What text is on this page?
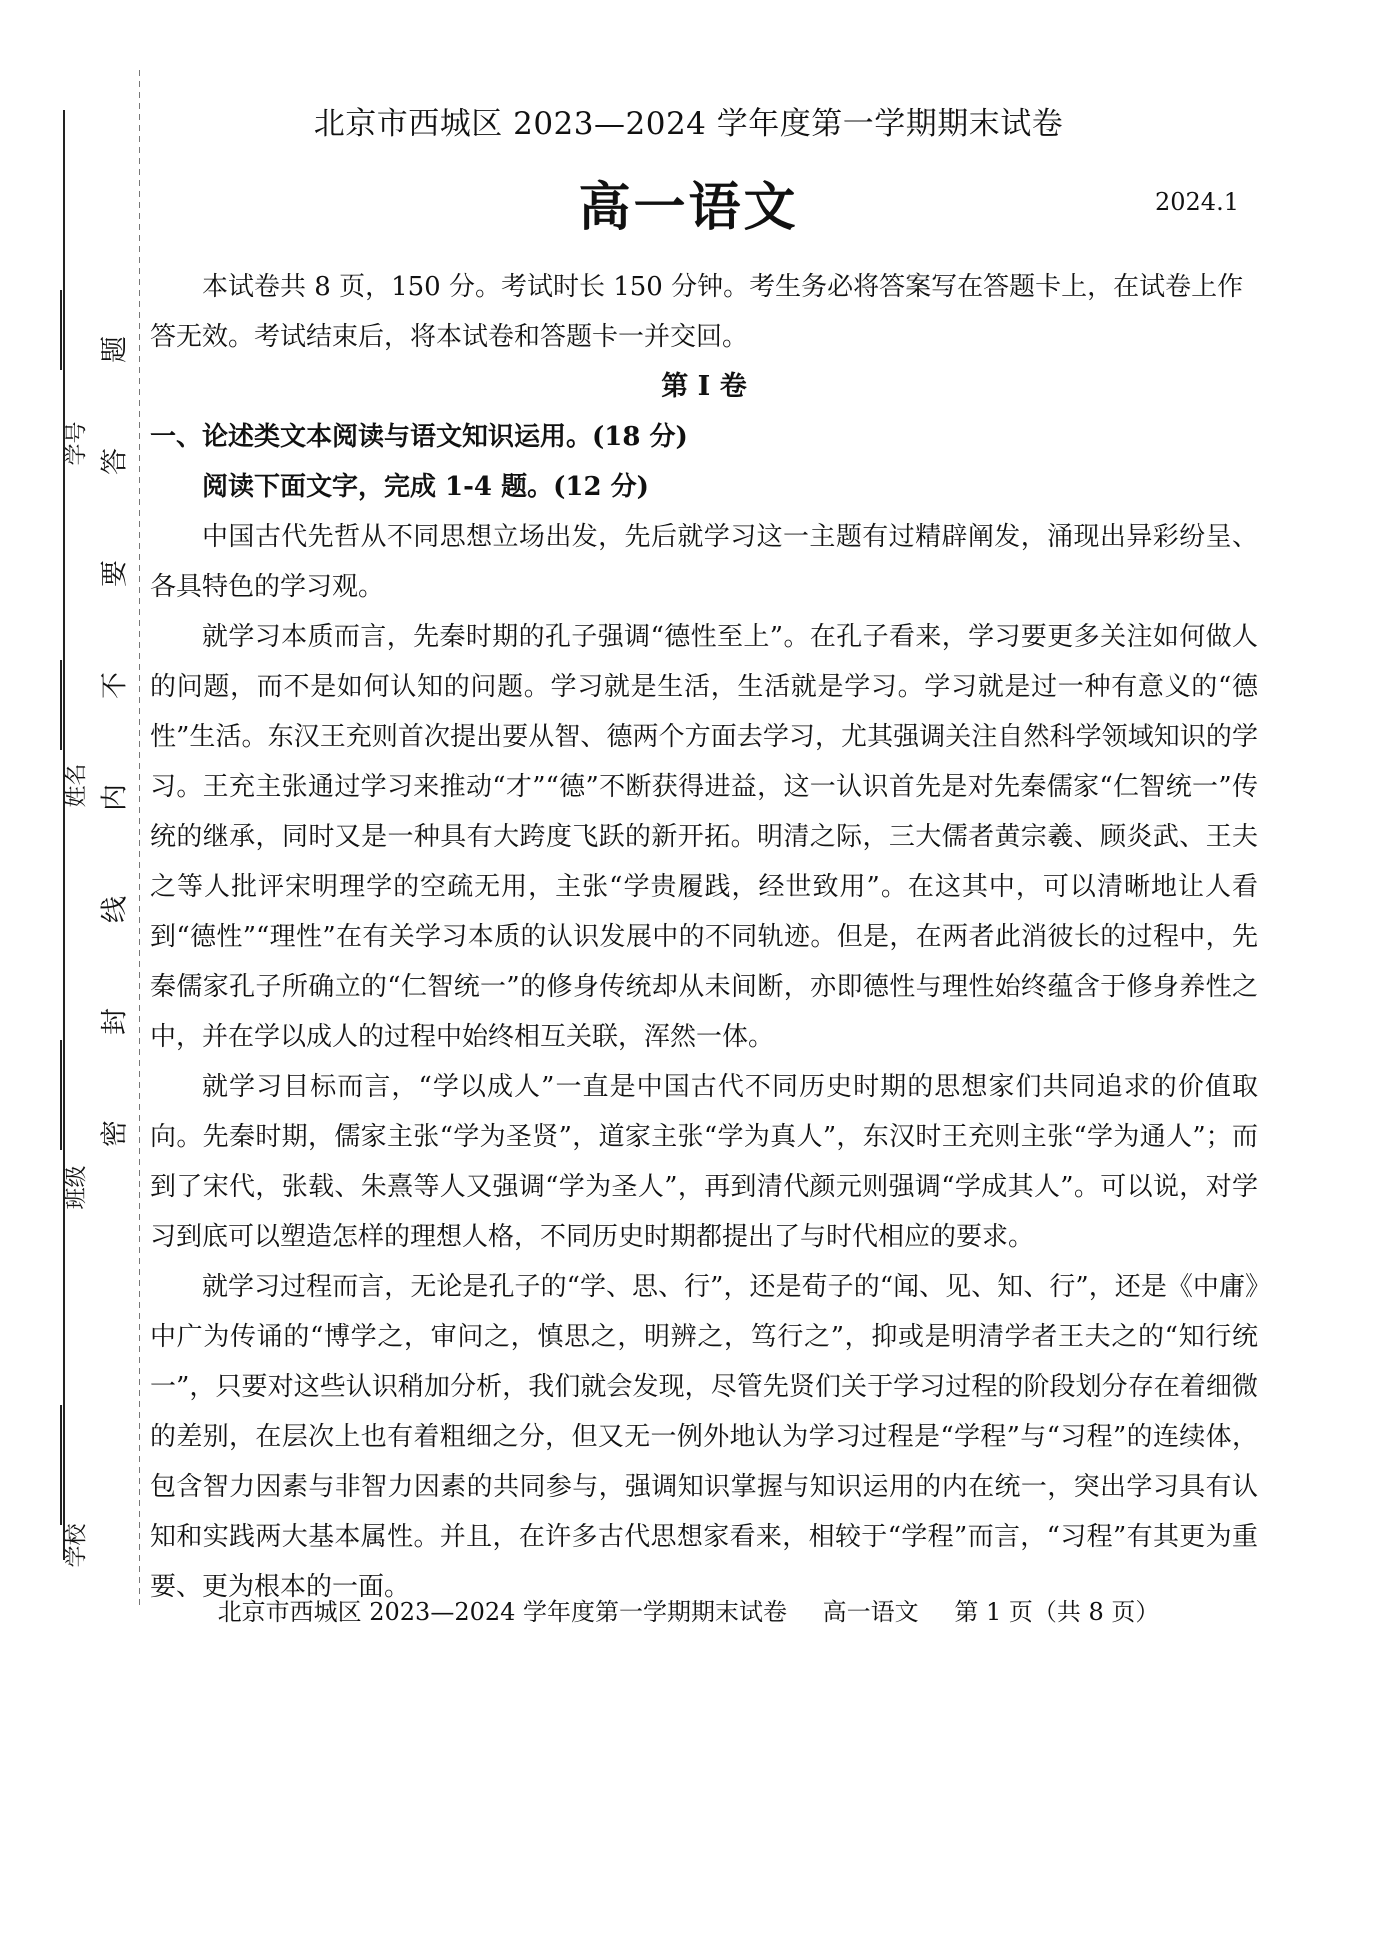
题
答
要
不
内
线
封
密
学号
姓名
班级
学校
北京市西城区 2023—2024 学年度第一学期期末试卷
高一语文	2024.1

本试卷共 8 页，150 分。考试时长 150 分钟。考生务必将答案写在答题卡上，在试卷上作答无效。考试结束后，将本试卷和答题卡一并交回。

第 I 卷

一、论述类文本阅读与语文知识运用。(18 分)

阅读下面文字，完成 1-4 题。(12 分)

中国古代先哲从不同思想立场出发，先后就学习这一主题有过精辟阐发，涌现出异彩纷呈、各具特色的学习观。

就学习本质而言，先秦时期的孔子强调“德性至上”。在孔子看来，学习要更多关注如何做人的问题，而不是如何认知的问题。学习就是生活，生活就是学习。学习就是过一种有意义的“德性”生活。东汉王充则首次提出要从智、德两个方面去学习，尤其强调关注自然科学领域知识的学习。王充主张通过学习来推动“才”“德”不断获得进益，这一认识首先是对先秦儒家“仁智统一”传统的继承，同时又是一种具有大跨度飞跃的新开拓。明清之际，三大儒者黄宗羲、顾炎武、王夫之等人批评宋明理学的空疏无用，主张“学贵履践，经世致用”。在这其中，可以清晰地让人看到“德性”“理性”在有关学习本质的认识发展中的不同轨迹。但是，在两者此消彼长的过程中，先秦儒家孔子所确立的“仁智统一”的修身传统却从未间断，亦即德性与理性始终蕴含于修身养性之中，并在学以成人的过程中始终相互关联，浑然一体。

就学习目标而言，“学以成人”一直是中国古代不同历史时期的思想家们共同追求的价值取向。先秦时期，儒家主张“学为圣贤”，道家主张“学为真人”，东汉时王充则主张“学为通人”；而到了宋代，张载、朱熹等人又强调“学为圣人”，再到清代颜元则强调“学成其人”。可以说，对学习到底可以塑造怎样的理想人格，不同历史时期都提出了与时代相应的要求。

就学习过程而言，无论是孔子的“学、思、行”，还是荀子的“闻、见、知、行”，还是《中庸》中广为传诵的“博学之，审问之，慎思之，明辨之，笃行之”，抑或是明清学者王夫之的“知行统一”，只要对这些认识稍加分析，我们就会发现，尽管先贤们关于学习过程的阶段划分存在着细微的差别，在层次上也有着粗细之分，但又无一例外地认为学习过程是“学程”与“习程”的连续体，包含智力因素与非智力因素的共同参与，强调知识掌握与知识运用的内在统一，突出学习具有认知和实践两大基本属性。并且，在许多古代思想家看来，相较于“学程”而言，“习程”有其更为重要、更为根本的一面。

北京市西城区 2023—2024 学年度第一学期期末试卷 高一语文 第 1 页（共 8 页）
